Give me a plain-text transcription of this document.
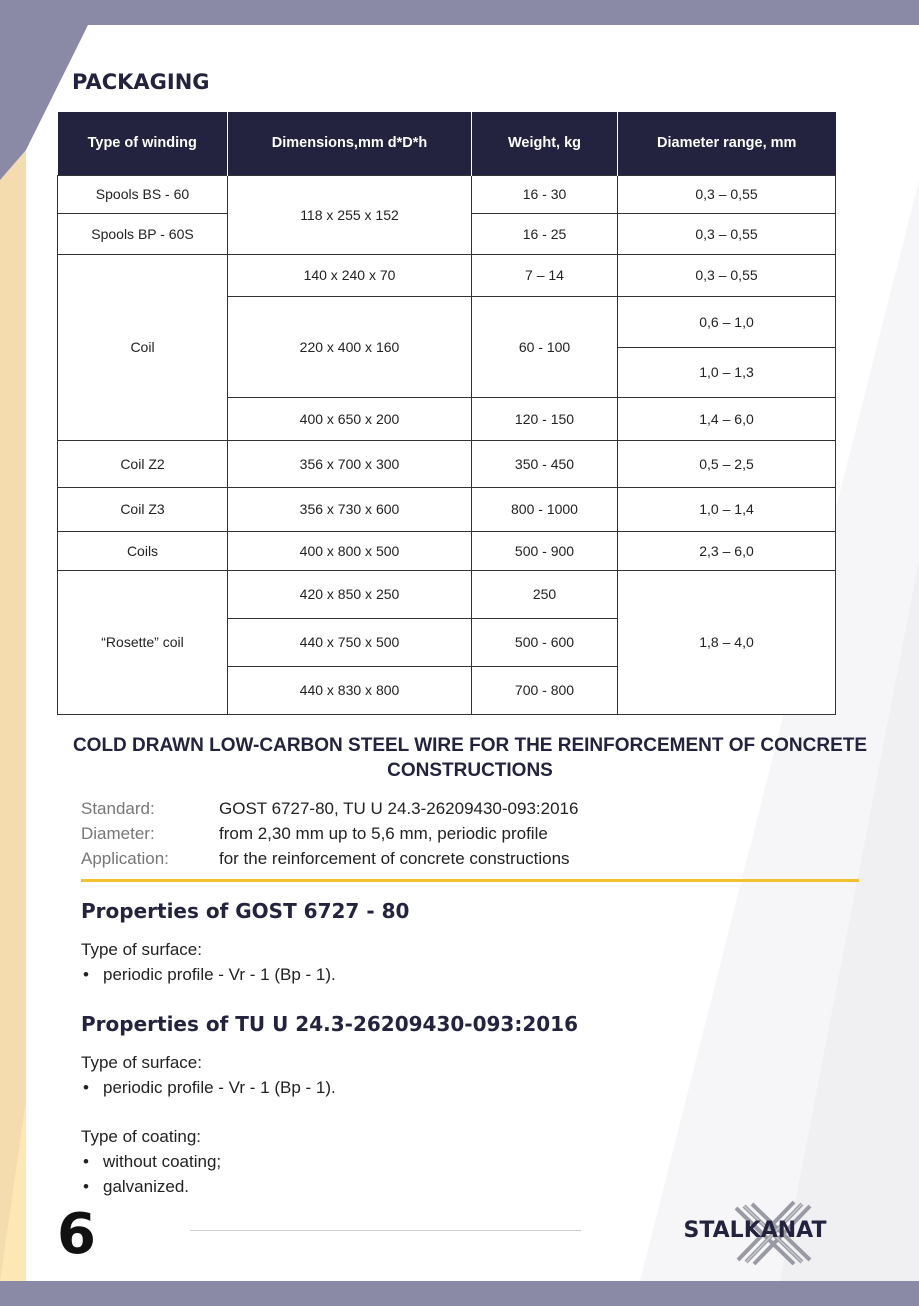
PACKAGING
Type of winding	Dimensions,mm d*D*h	Weight, kg	Diameter range, mm
Spools BS - 60	118 x 255 x 152	16 - 30	0,3 – 0,55
Spools BP - 60S		16 - 25	0,3 – 0,55
Coil	140 x 240 x 70	7 – 14	0,3 – 0,55
	220 x 400 x 160	60 - 100	0,6 – 1,0
			1,0 – 1,3
	400 x 650 x 200	120 - 150	1,4 – 6,0
Coil Z2	356 x 700 x 300	350 - 450	0,5 – 2,5
Coil Z3	356 x 730 x 600	800 - 1000	1,0 – 1,4
Coils	400 x 800 x 500	500 - 900	2,3 – 6,0
“Rosette” coil	420 x 850 x 250	250	1,8 – 4,0
	440 x 750 x 500	500 - 600	
	440 x 830 x 800	700 - 800	
COLD DRAWN LOW-CARBON STEEL WIRE FOR THE REINFORCEMENT OF CONCRETE CONSTRUCTIONS
Standard:	GOST 6727-80, TU U 24.3-26209430-093:2016
Diameter:	from 2,30 mm up to 5,6 mm, periodic profile
Application:	for the reinforcement of concrete constructions
Properties of GOST 6727 - 80
Type of surface:
• periodic profile - Vr - 1 (Bp - 1).
Properties of TU U 24.3-26209430-093:2016
Type of surface:
• periodic profile - Vr - 1 (Bp - 1).
Type of coating:
• without coating;
• galvanized.
6	STALKANAT
